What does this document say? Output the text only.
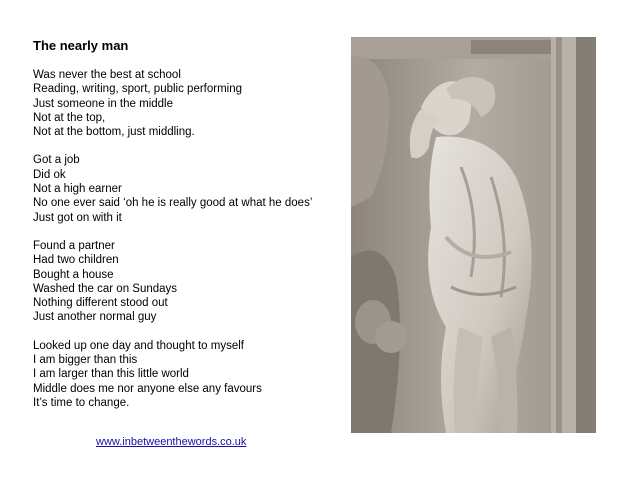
The nearly man
Was never the best at school
Reading, writing, sport, public performing
Just someone in the middle
Not at the top,
Not at the bottom, just middling.
Got a job
Did ok
Not a high earner
No one ever said ‘oh he is really good at what he does’
Just got on with it
Found a partner
Had two children
Bought a house
Washed the car on Sundays
Nothing different stood out
Just another normal guy
Looked up one day and thought to myself
I am bigger than this
I am larger than this little world
Middle does me nor anyone else any favours
It’s time to change.
www.inbetweenthewords.co.uk
